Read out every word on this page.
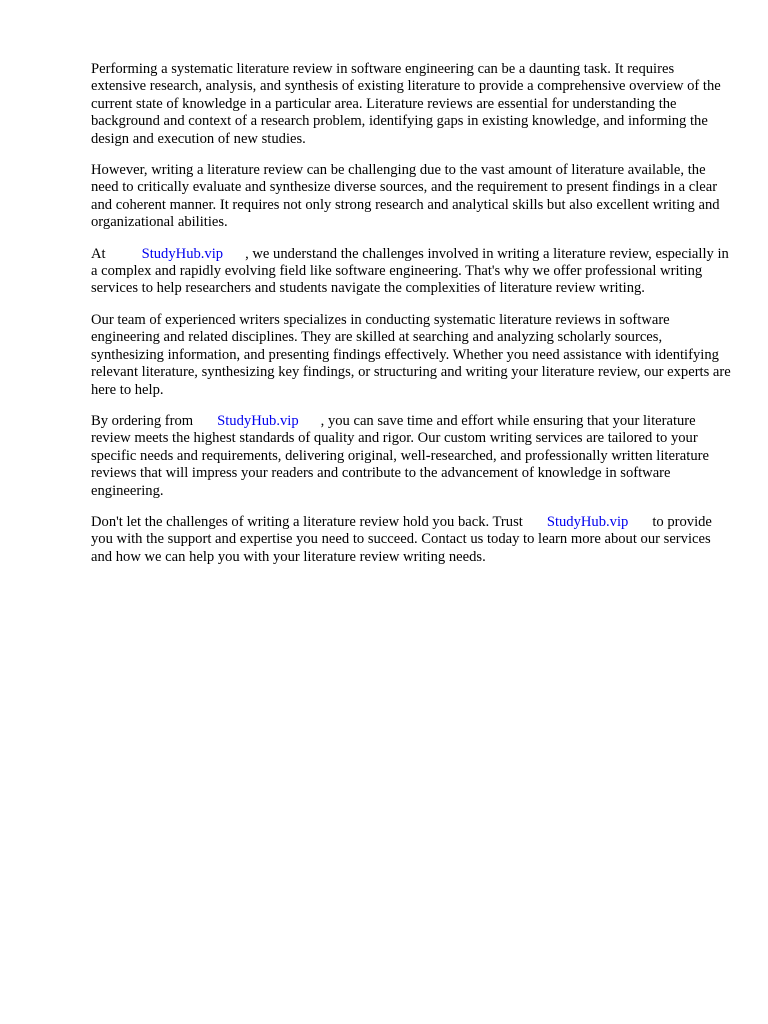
Performing a systematic literature review in software engineering can be a daunting task. It requires extensive research, analysis, and synthesis of existing literature to provide a comprehensive overview of the current state of knowledge in a particular area. Literature reviews are essential for understanding the background and context of a research problem, identifying gaps in existing knowledge, and informing the design and execution of new studies.

However, writing a literature review can be challenging due to the vast amount of literature available, the need to critically evaluate and synthesize diverse sources, and the requirement to present findings in a clear and coherent manner. It requires not only strong research and analytical skills but also excellent writing and organizational abilities.

At StudyHub.vip , we understand the challenges involved in writing a literature review, especially in a complex and rapidly evolving field like software engineering. That's why we offer professional writing services to help researchers and students navigate the complexities of literature review writing.

Our team of experienced writers specializes in conducting systematic literature reviews in software engineering and related disciplines. They are skilled at searching and analyzing scholarly sources, synthesizing information, and presenting findings effectively. Whether you need assistance with identifying relevant literature, synthesizing key findings, or structuring and writing your literature review, our experts are here to help.

By ordering from StudyHub.vip , you can save time and effort while ensuring that your literature review meets the highest standards of quality and rigor. Our custom writing services are tailored to your specific needs and requirements, delivering original, well-researched, and professionally written literature reviews that will impress your readers and contribute to the advancement of knowledge in software engineering.

Don't let the challenges of writing a literature review hold you back. Trust StudyHub.vip to provide you with the support and expertise you need to succeed. Contact us today to learn more about our services and how we can help you with your literature review writing needs.
